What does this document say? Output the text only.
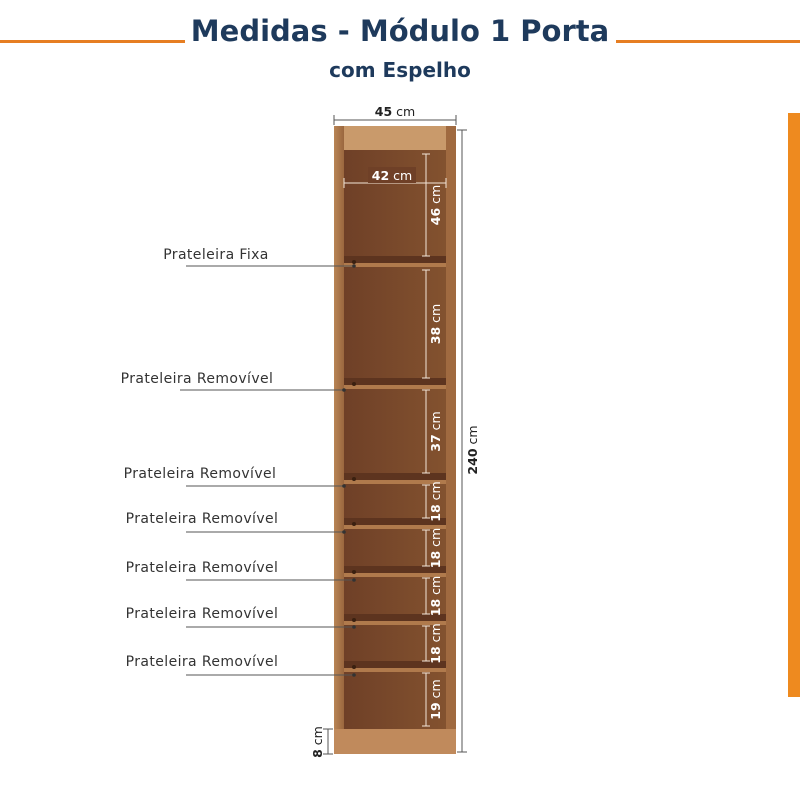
Medidas - Módulo 1 Porta
com Espelho
Prateleira Fixa
Prateleira Removível
Prateleira Removível
Prateleira Removível
Prateleira Removível
Prateleira Removível
Prateleira Removível
45 cm
42 cm
240 cm
8 cm
46 cm
38 cm
37 cm
18 cm
18 cm
18 cm
18 cm
19 cm
